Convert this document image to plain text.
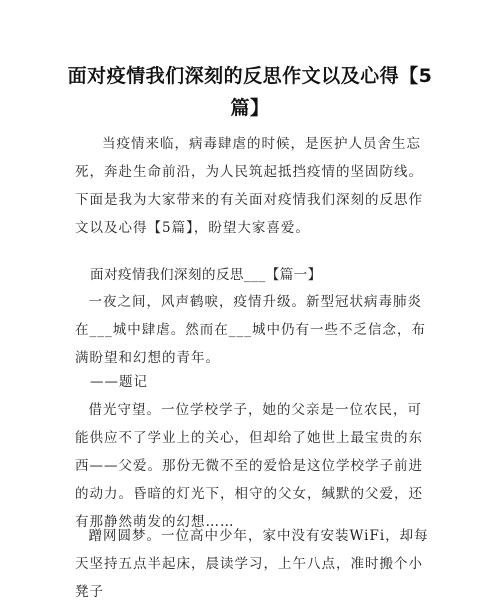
面对疫情我们深刻的反思作文以及心得【5篇】
当疫情来临，病毒肆虐的时候，是医护人员舍生忘死，奔赴生命前沿，为人民筑起抵挡疫情的坚固防线。下面是我为大家带来的有关面对疫情我们深刻的反思作文以及心得【5篇】，盼望大家喜爱。
面对疫情我们深刻的反思___【篇一】
一夜之间，风声鹤唳，疫情升级。新型冠状病毒肺炎在___城中肆虐。然而在___城中仍有一些不乏信念，布满盼望和幻想的青年。
——题记
借光守望。一位学校学子，她的父亲是一位农民，可能供应不了学业上的关心，但却给了她世上最宝贵的东西——父爱。那份无微不至的爱恰是这位学校学子前进的动力。昏暗的灯光下，相守的父女，缄默的父爱，还有那静然萌发的幻想……
蹭网圆梦。一位高中少年，家中没有安装WiFi，却每天坚持五点半起床，晨读学习，上午八点，准时搬个小凳子
